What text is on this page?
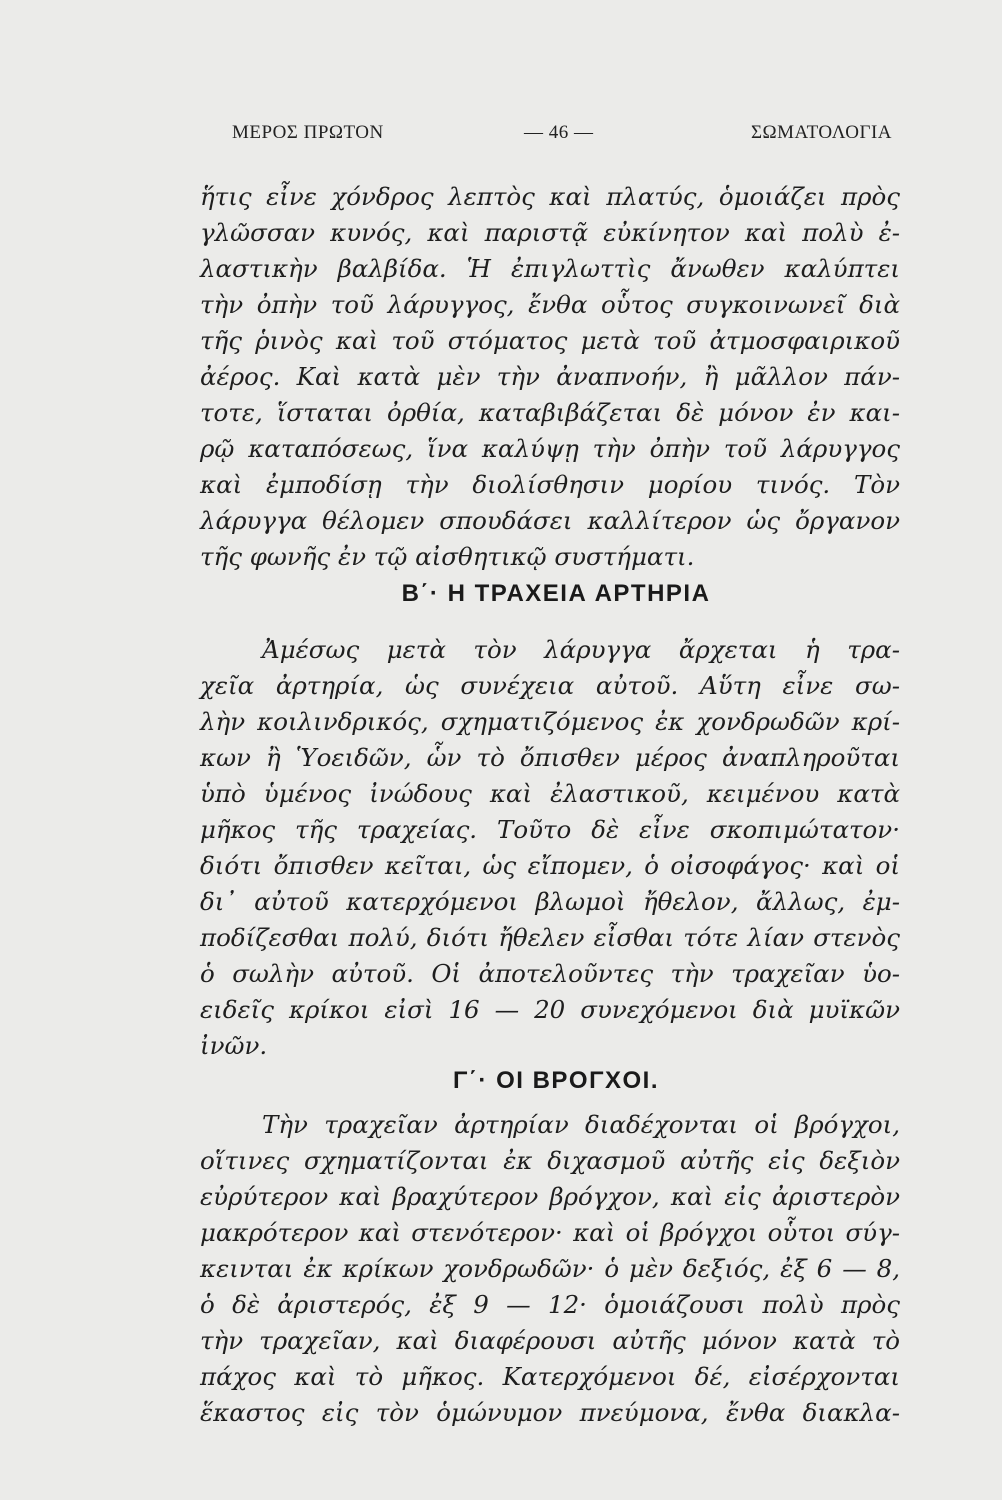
ΜΕΡΟΣ ΠΡΩΤΟΝ	— 46 —	ΣΩΜΑΤΟΛΟΓΙΑ
ἥτις εἶνε χόνδρος λεπτὸς καὶ πλατύς, ὁμοιάζει πρὸς
γλῶσσαν κυνός, καὶ παριστᾷ εὐκίνητον καὶ πολὺ ἐ-
λαστικὴν βαλβίδα. Ἡ ἐπιγλωττὶς ἄνωθεν καλύπτει
τὴν ὀπὴν τοῦ λάρυγγος, ἔνθα οὗτος συγκοινωνεῖ διὰ
τῆς ῥινὸς καὶ τοῦ στόματος μετὰ τοῦ ἀτμοσφαιρικοῦ
ἀέρος. Καὶ κατὰ μὲν τὴν ἀναπνοήν, ἢ μᾶλλον πάν-
τοτε, ἵσταται ὀρθία, καταβιβάζεται δὲ μόνον ἐν και-
ρῷ καταπόσεως, ἵνα καλύψῃ τὴν ὀπὴν τοῦ λάρυγγος
καὶ ἐμποδίσῃ τὴν διολίσθησιν μορίου τινός. Τὸν
λάρυγγα θέλομεν σπουδάσει καλλίτερον ὡς ὄργανον
τῆς φωνῆς ἐν τῷ αἰσθητικῷ συστήματι.
Β΄· Η ΤΡΑΧΕΙΑ ΑΡΤΗΡΙΑ
Ἀμέσως μετὰ τὸν λάρυγγα ἄρχεται ἡ τρα-
χεῖα ἀρτηρία, ὡς συνέχεια αὐτοῦ. Αὕτη εἶνε σω-
λὴν κοιλινδρικός, σχηματιζόμενος ἐκ χονδρωδῶν κρί-
κων ἢ Ὑοειδῶν, ὧν τὸ ὄπισθεν μέρος ἀναπληροῦται
ὑπὸ ὑμένος ἰνώδους καὶ ἐλαστικοῦ, κειμένου κατὰ
μῆκος τῆς τραχείας. Τοῦτο δὲ εἶνε σκοπιμώτατον·
διότι ὄπισθεν κεῖται, ὡς εἴπομεν, ὁ οἰσοφάγος· καὶ οἱ
δι᾽ αὐτοῦ κατερχόμενοι βλωμοὶ ἤθελον, ἄλλως, ἐμ-
ποδίζεσθαι πολύ, διότι ἤθελεν εἶσθαι τότε λίαν στενὸς
ὁ σωλὴν αὐτοῦ. Οἱ ἀποτελοῦντες τὴν τραχεῖαν ὑο-
ειδεῖς κρίκοι εἰσὶ 16 — 20 συνεχόμενοι διὰ μυϊκῶν
ἰνῶν.
Γ΄· ΟΙ ΒΡΟΓΧΟΙ.
Τὴν τραχεῖαν ἀρτηρίαν διαδέχονται οἱ βρόγχοι,
οἵτινες σχηματίζονται ἐκ διχασμοῦ αὐτῆς εἰς δεξιὸν
εὐρύτερον καὶ βραχύτερον βρόγχον, καὶ εἰς ἀριστερὸν
μακρότερον καὶ στενότερον· καὶ οἱ βρόγχοι οὗτοι σύγ-
κεινται ἐκ κρίκων χονδρωδῶν· ὁ μὲν δεξιός, ἐξ 6 — 8,
ὁ δὲ ἀριστερός, ἐξ 9 — 12· ὁμοιάζουσι πολὺ πρὸς
τὴν τραχεῖαν, καὶ διαφέρουσι αὐτῆς μόνον κατὰ τὸ
πάχος καὶ τὸ μῆκος. Κατερχόμενοι δέ, εἰσέρχονται
ἕκαστος εἰς τὸν ὁμώνυμον πνεύμονα, ἔνθα διακλα-
